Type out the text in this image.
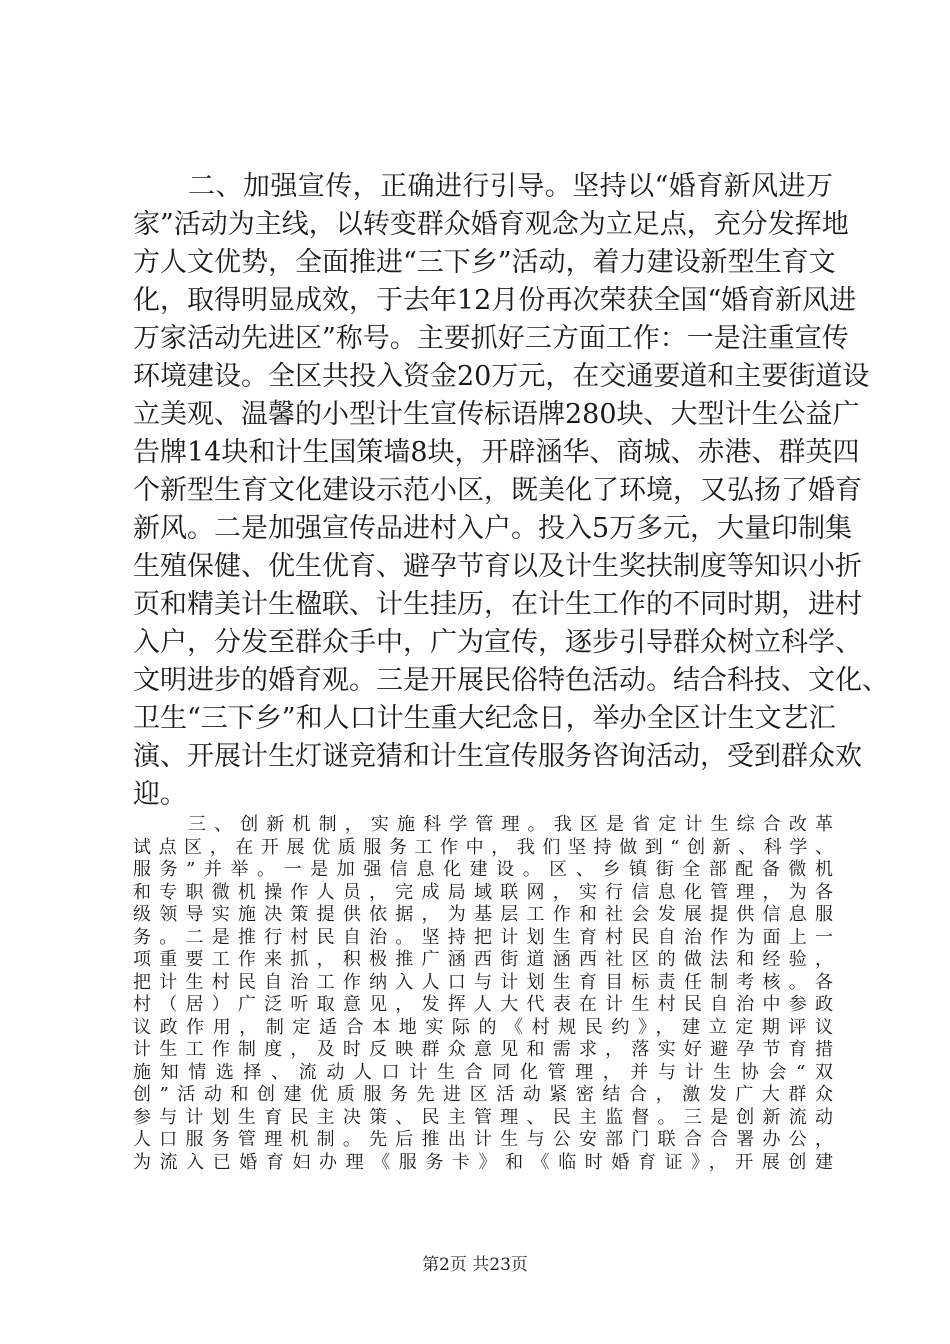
二、加强宣传，正确进行引导。坚持以“婚育新风进万
家”活动为主线，以转变群众婚育观念为立足点，充分发挥地
方人文优势，全面推进“三下乡”活动，着力建设新型生育文
化，取得明显成效，于去年12月份再次荣获全国“婚育新风进
万家活动先进区”称号。主要抓好三方面工作：一是注重宣传
环境建设。全区共投入资金20万元，在交通要道和主要街道设
立美观、温馨的小型计生宣传标语牌280块、大型计生公益广
告牌14块和计生国策墙8块，开辟涵华、商城、赤港、群英四
个新型生育文化建设示范小区，既美化了环境，又弘扬了婚育
新风。二是加强宣传品进村入户。投入5万多元，大量印制集
生殖保健、优生优育、避孕节育以及计生奖扶制度等知识小折
页和精美计生楹联、计生挂历，在计生工作的不同时期，进村
入户，分发至群众手中，广为宣传，逐步引导群众树立科学、
文明进步的婚育观。三是开展民俗特色活动。结合科技、文化、
卫生“三下乡”和人口计生重大纪念日，举办全区计生文艺汇
演、开展计生灯谜竞猜和计生宣传服务咨询活动，受到群众欢
迎。
三、创新机制，实施科学管理。我区是省定计生综合改革
试点区，在开展优质服务工作中，我们坚持做到“创新、科学、
服务”并举。一是加强信息化建设。区、乡镇街全部配备微机
和专职微机操作人员，完成局域联网，实行信息化管理，为各
级领导实施决策提供依据，为基层工作和社会发展提供信息服
务。二是推行村民自治。坚持把计划生育村民自治作为面上一
项重要工作来抓，积极推广涵西街道涵西社区的做法和经验，
把计生村民自治工作纳入人口与计划生育目标责任制考核。各
村（居）广泛听取意见，发挥人大代表在计生村民自治中参政
议政作用，制定适合本地实际的《村规民约》，建立定期评议
计生工作制度，及时反映群众意见和需求，落实好避孕节育措
施知情选择、流动人口计生合同化管理，并与计生协会“双
创”活动和创建优质服务先进区活动紧密结合，激发广大群众
参与计划生育民主决策、民主管理、民主监督。三是创新流动
人口服务管理机制。先后推出计生与公安部门联合合署办公，
为流入已婚育妇办理《服务卡》和《临时婚育证》，开展创建
第2页 共23页
